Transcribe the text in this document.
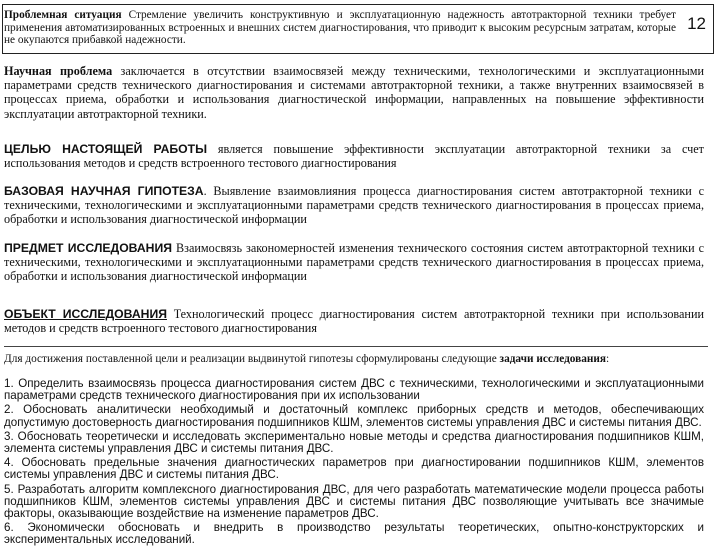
Проблемная ситуация Стремление увеличить конструктивную и эксплуатационную надежность автотракторной техники требует применения автоматизированных встроенных и внешних систем диагностирования, что приводит к высоким ресурсным затратам, которые не окупаются прибавкой надежности.
12
Научная проблема заключается в отсутствии взаимосвязей между техническими, технологическими и эксплуатационными параметрами средств технического диагностирования и системами автотракторной техники, а также внутренних взаимосвязей в процессах приема, обработки и использования диагностической информации, направленных на повышение эффективности эксплуатации автотракторной техники.
ЦЕЛЬЮ НАСТОЯЩЕЙ РАБОТЫ является повышение эффективности эксплуатации автотракторной техники за счет использования методов и средств встроенного тестового диагностирования
БАЗОВАЯ НАУЧНАЯ ГИПОТЕЗА. Выявление взаимовлияния процесса диагностирования систем автотракторной техники с техническими, технологическими и эксплуатационными параметрами средств технического диагностирования в процессах приема, обработки и использования диагностической информации
ПРЕДМЕТ ИССЛЕДОВАНИЯ Взаимосвязь закономерностей изменения технического состояния систем автотракторной техники с техническими, технологическими и эксплуатационными параметрами средств технического диагностирования в процессах приема, обработки и использования диагностической информации
ОБЪЕКТ ИССЛЕДОВАНИЯ Технологический процесс диагностирования систем автотракторной техники при использовании методов и средств встроенного тестового диагностирования
Для достижения поставленной цели и реализации выдвинутой гипотезы сформулированы следующие задачи исследования:
1. Определить взаимосвязь процесса диагностирования систем ДВС с техническими, технологическими и эксплуатационными параметрами средств технического диагностирования при их использовании
2. Обосновать аналитически необходимый и достаточный комплекс приборных средств и методов, обеспечивающих допустимую достоверность диагностирования подшипников КШМ, элементов системы управления ДВС и системы питания ДВС.
3. Обосновать теоретически и исследовать экспериментально новые методы и средства диагностирования подшипников КШМ, элемента системы управления ДВС и системы питания ДВС.
4. Обосновать предельные значения диагностических параметров при диагностировании подшипников КШМ, элементов системы управления ДВС и системы питания ДВС.
5. Разработать алгоритм комплексного диагностирования ДВС, для чего разработать математические модели процесса работы подшипников КШМ, элементов системы управления ДВС и системы питания ДВС позволяющие учитывать все значимые факторы, оказывающие воздействие на изменение параметров ДВС.
6. Экономически обосновать и внедрить в производство результаты теоретических, опытно-конструкторских и экспериментальных исследований.
